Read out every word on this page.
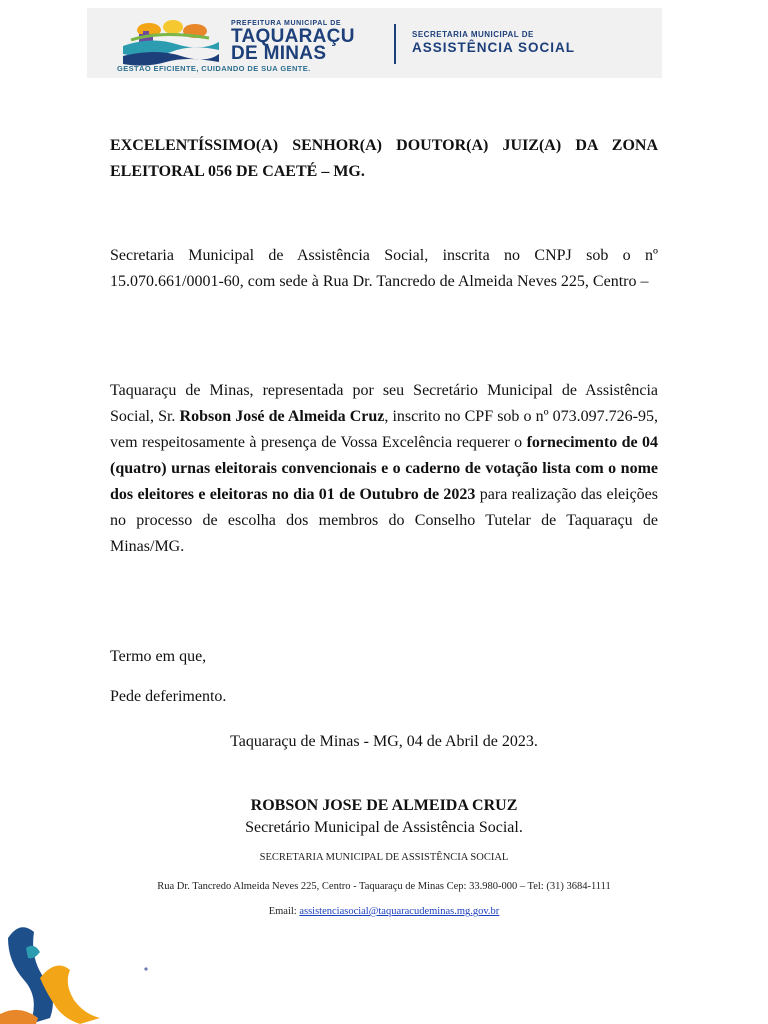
PREFEITURA MUNICIPAL DE
TAQUARAÇU
DE MINAS
GESTÃO EFICIENTE, CUIDANDO DE SUA GENTE.
SECRETARIA MUNICIPAL DE
ASSISTÊNCIA SOCIAL
EXCELENTÍSSIMO(A) SENHOR(A) DOUTOR(A) JUIZ(A) DA ZONA ELEITORAL 056 DE CAETÉ – MG.
Secretaria Municipal de Assistência Social, inscrita no CNPJ sob o nº 15.070.661/0001-60, com sede à Rua Dr. Tancredo de Almeida Neves 225, Centro –
Taquaraçu de Minas, representada por seu Secretário Municipal de Assistência Social, Sr. Robson José de Almeida Cruz, inscrito no CPF sob o nº 073.097.726-95, vem respeitosamente à presença de Vossa Excelência requerer o fornecimento de 04 (quatro) urnas eleitorais convencionais e o caderno de votação lista com o nome dos eleitores e eleitoras no dia 01 de Outubro de 2023 para realização das eleições no processo de escolha dos membros do Conselho Tutelar de Taquaraçu de Minas/MG.
Termo em que,
Pede deferimento.
Taquaraçu de Minas - MG, 04 de Abril de 2023.
ROBSON JOSE DE ALMEIDA CRUZ
Secretário Municipal de Assistência Social.
SECRETARIA MUNICIPAL DE ASSISTÊNCIA SOCIAL
Rua Dr. Tancredo Almeida Neves 225, Centro - Taquaraçu de Minas Cep: 33.980-000 – Tel: (31) 3684-1111
Email: assistenciasocial@taquaracudeminas.mg.gov.br
